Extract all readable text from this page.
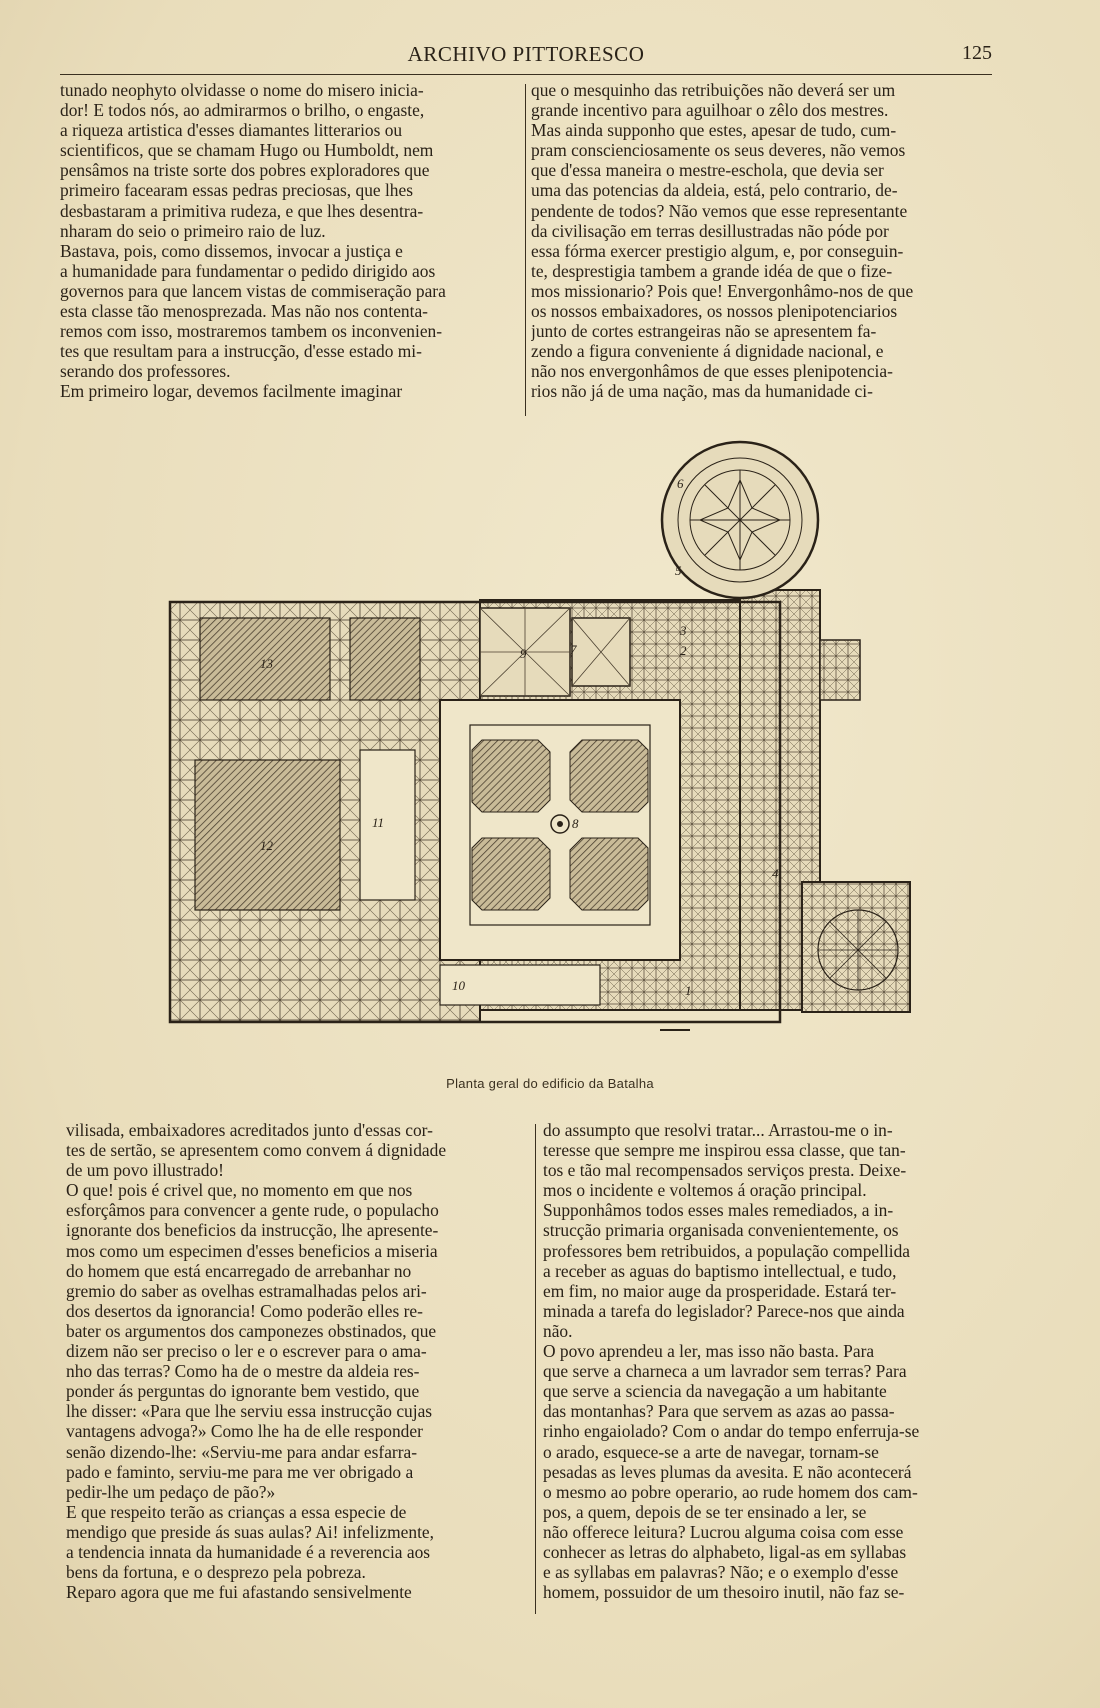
ARCHIVO PITTORESCO	125
tunado neophyto olvidasse o nome do misero inicia-
dor! E todos nós, ao admirarmos o brilho, o engaste,
a riqueza artistica d'esses diamantes litterarios ou
scientificos, que se chamam Hugo ou Humboldt, nem
pensâmos na triste sorte dos pobres exploradores que
primeiro facearam essas pedras preciosas, que lhes
desbastaram a primitiva rudeza, e que lhes desentra-
nharam do seio o primeiro raio de luz.
Bastava, pois, como dissemos, invocar a justiça e
a humanidade para fundamentar o pedido dirigido aos
governos para que lancem vistas de commiseração para
esta classe tão menosprezada. Mas não nos contenta-
remos com isso, mostraremos tambem os inconvenien-
tes que resultam para a instrucção, d'esse estado mi-
serando dos professores.
Em primeiro logar, devemos facilmente imaginar
que o mesquinho das retribuições não deverá ser um
grande incentivo para aguilhoar o zêlo dos mestres.
Mas ainda supponho que estes, apesar de tudo, cum-
pram conscienciosamente os seus deveres, não vemos
que d'essa maneira o mestre-eschola, que devia ser
uma das potencias da aldeia, está, pelo contrario, de-
pendente de todos? Não vemos que esse representante
da civilisação em terras desillustradas não póde por
essa fórma exercer prestigio algum, e, por conseguin-
te, desprestigia tambem a grande idéa de que o fize-
mos missionario? Pois que! Envergonhâmo-nos de que
os nossos embaixadores, os nossos plenipotenciarios
junto de cortes estrangeiras não se apresentem fa-
zendo a figura conveniente á dignidade nacional, e
não nos envergonhâmos de que esses plenipotencia-
rios não já de uma nação, mas da humanidade ci-
1
2
3
4
5
6
7
8
9
10
11
12
13
Planta geral do edificio da Batalha
vilisada, embaixadores acreditados junto d'essas cor-
tes de sertão, se apresentem como convem á dignidade
de um povo illustrado!
O que! pois é crivel que, no momento em que nos
esforçâmos para convencer a gente rude, o populacho
ignorante dos beneficios da instrucção, lhe apresente-
mos como um especimen d'esses beneficios a miseria
do homem que está encarregado de arrebanhar no
gremio do saber as ovelhas estramalhadas pelos ari-
dos desertos da ignorancia! Como poderão elles re-
bater os argumentos dos camponezes obstinados, que
dizem não ser preciso o ler e o escrever para o ama-
nho das terras? Como ha de o mestre da aldeia res-
ponder ás perguntas do ignorante bem vestido, que
lhe disser: «Para que lhe serviu essa instrucção cujas
vantagens advoga?» Como lhe ha de elle responder
senão dizendo-lhe: «Serviu-me para andar esfarra-
pado e faminto, serviu-me para me ver obrigado a
pedir-lhe um pedaço de pão?»
E que respeito terão as crianças a essa especie de
mendigo que preside ás suas aulas? Ai! infelizmente,
a tendencia innata da humanidade é a reverencia aos
bens da fortuna, e o desprezo pela pobreza.
Reparo agora que me fui afastando sensivelmente
do assumpto que resolvi tratar... Arrastou-me o in-
teresse que sempre me inspirou essa classe, que tan-
tos e tão mal recompensados serviços presta. Deixe-
mos o incidente e voltemos á oração principal.
Supponhâmos todos esses males remediados, a in-
strucção primaria organisada convenientemente, os
professores bem retribuidos, a população compellida
a receber as aguas do baptismo intellectual, e tudo,
em fim, no maior auge da prosperidade. Estará ter-
minada a tarefa do legislador? Parece-nos que ainda
não.
O povo aprendeu a ler, mas isso não basta. Para
que serve a charneca a um lavrador sem terras? Para
que serve a sciencia da navegação a um habitante
das montanhas? Para que servem as azas ao passa-
rinho engaiolado? Com o andar do tempo enferruja-se
o arado, esquece-se a arte de navegar, tornam-se
pesadas as leves plumas da avesita. E não acontecerá
o mesmo ao pobre operario, ao rude homem dos cam-
pos, a quem, depois de se ter ensinado a ler, se
não offerece leitura? Lucrou alguma coisa com esse
conhecer as letras do alphabeto, ligal-as em syllabas
e as syllabas em palavras? Não; e o exemplo d'esse
homem, possuidor de um thesoiro inutil, não faz se-
